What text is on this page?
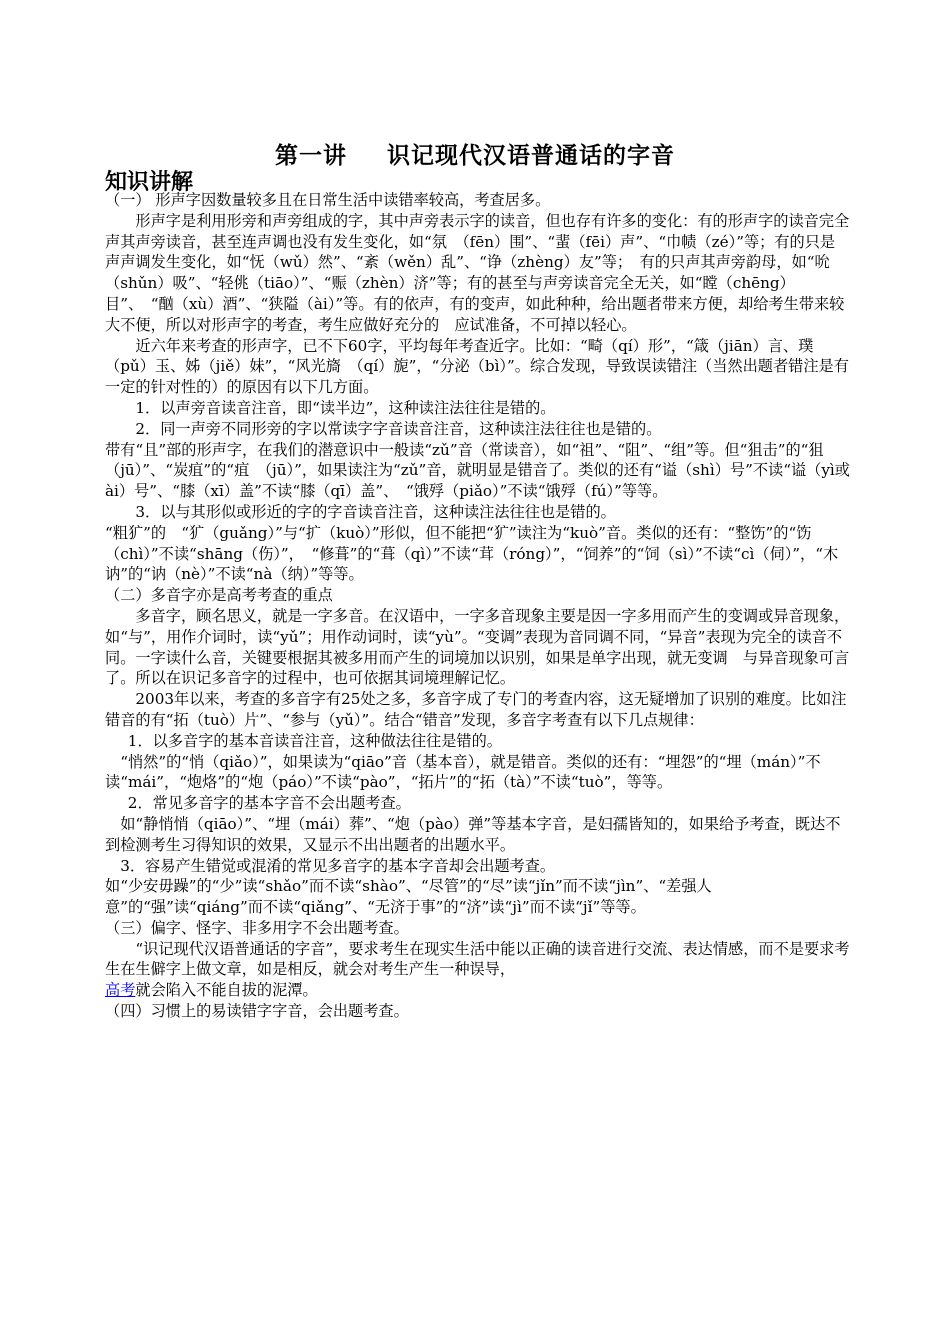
第一讲 识记现代汉语普通话的字音
知识讲解

（一） 形声字因数量较多且在日常生活中读错率较高，考查居多。

形声字是利用形旁和声旁组成的字，其中声旁表示字的读音，但也存有许多的变化：有的形声字的读音完全声其声旁读音，甚至连声调也没有发生变化，如“氛　（fēn）围”、“蜚（fēi）声”、“巾帻（zé）”等；有的只是声声调发生变化，如“怃（wǔ）然”、“紊（wěn）乱”、“诤（zhèng）友”等；　有的只声其声旁韵母，如“吮（shǔn）吸”、“轻佻（tiāo）”、“赈（zhèn）济”等；有的甚至与声旁读音完全无关，如“瞠（chēng）目”、　“酗（xù）酒”、“狭隘（ài）”等。有的依声，有的变声，如此种种，给出题者带来方便，却给考生带来较大不便，所以对形声字的考查，考生应做好充分的　应试准备，不可掉以轻心。

近六年来考查的形声字，已不下60字，平均每年考查近字。比如：“畸（qí）形”，“箴（jiān）言、璞（pǔ）玉、姊（jiě）妹”，“风光旖　（qí）旎”，“分泌（bì）”。综合发现，导致误读错注（当然出题者错注是有一定的针对性的）的原因有以下几方面。

1．以声旁音读音注音，即“读半边”，这种读注法往往是错的。

2．同一声旁不同形旁的字以常读字字音读音注音，这种读注法往往也是错的。

带有“且”部的形声字，在我们的潜意识中一般读“zǔ”音（常读音），如“祖”、“阻”、“组”等。但“狙击”的“狙（jū）”、“炭疽”的“疽　（jū）”，如果读注为“zǔ”音，就明显是错音了。类似的还有“谥（shì）号”不读“谥（yì或ài）号”、“膝（xī）盖”不读“膝（qī）盖”、　“饿殍（piǎo）”不读“饿殍（fú）”等等。

3．以与其形似或形近的字的字音读音注音，这种读注法往往也是错的。

“粗犷”的　“犷（guǎng）”与“扩（kuò）”形似，但不能把“犷”读注为“kuò”音。类似的还有：“整饬”的“饬（chì）”不读“shāng（伤）”，　“修葺”的“葺（qì）”不读“茸（róng）”，“饲养”的“饲（sì）”不读“cì（伺）”，“木讷”的“讷（nè）”不读“nà（纳）”等等。

（二）多音字亦是高考考查的重点

多音字，顾名思义，就是一字多音。在汉语中，一字多音现象主要是因一字多用而产生的变调或异音现象，如“与”，用作介词时，读“yǔ”；用作动词时，读“yù”。“变调”表现为音同调不同，“异音”表现为完全的读音不同。一字读什么音，关键要根据其被多用而产生的词境加以识别，如果是单字出现，就无变调　与异音现象可言了。所以在识记多音字的过程中，也可依据其词境理解记忆。

2003年以来，考查的多音字有25处之多，多音字成了专门的考查内容，这无疑增加了识别的难度。比如注错音的有“拓（tuò）片”、“参与（yǔ）”。结合“错音”发现，多音字考查有以下几点规律：

1．以多音字的基本音读音注音，这种做法往往是错的。

“悄然”的“悄（qiǎo）”，如果读为“qiāo”音（基本音），就是错音。类似的还有：“埋怨”的“埋（mán）”不读“mái”，“炮烙”的“炮（páo）”不读“pào”，“拓片”的“拓（tà）”不读“tuò”，等等。

2．常见多音字的基本字音不会出题考查。

如“静悄悄（qiāo）”、“埋（mái）葬”、“炮（pào）弹”等基本字音，是妇孺皆知的，如果给予考查，既达不到检测考生习得知识的效果，又显示不出出题者的出题水平。

3．容易产生错觉或混淆的常见多音字的基本字音却会出题考查。

如“少安毋躁”的“少”读“shǎo”而不读“shào”、“尽管”的“尽”读“jǐn”而不读“jìn”、“差强人意”的“强”读“qiáng”而不读“qiǎng”、“无济于事”的“济”读“jì”而不读“jǐ”等等。

（三）偏字、怪字、非多用字不会出题考查。

“识记现代汉语普通话的字音”，要求考生在现实生活中能以正确的读音进行交流、表达情感，而不是要求考生在生僻字上做文章，如是相反，就会对考生产生一种误导，

高考就会陷入不能自拔的泥潭。

（四）习惯上的易读错字字音，会出题考查。
